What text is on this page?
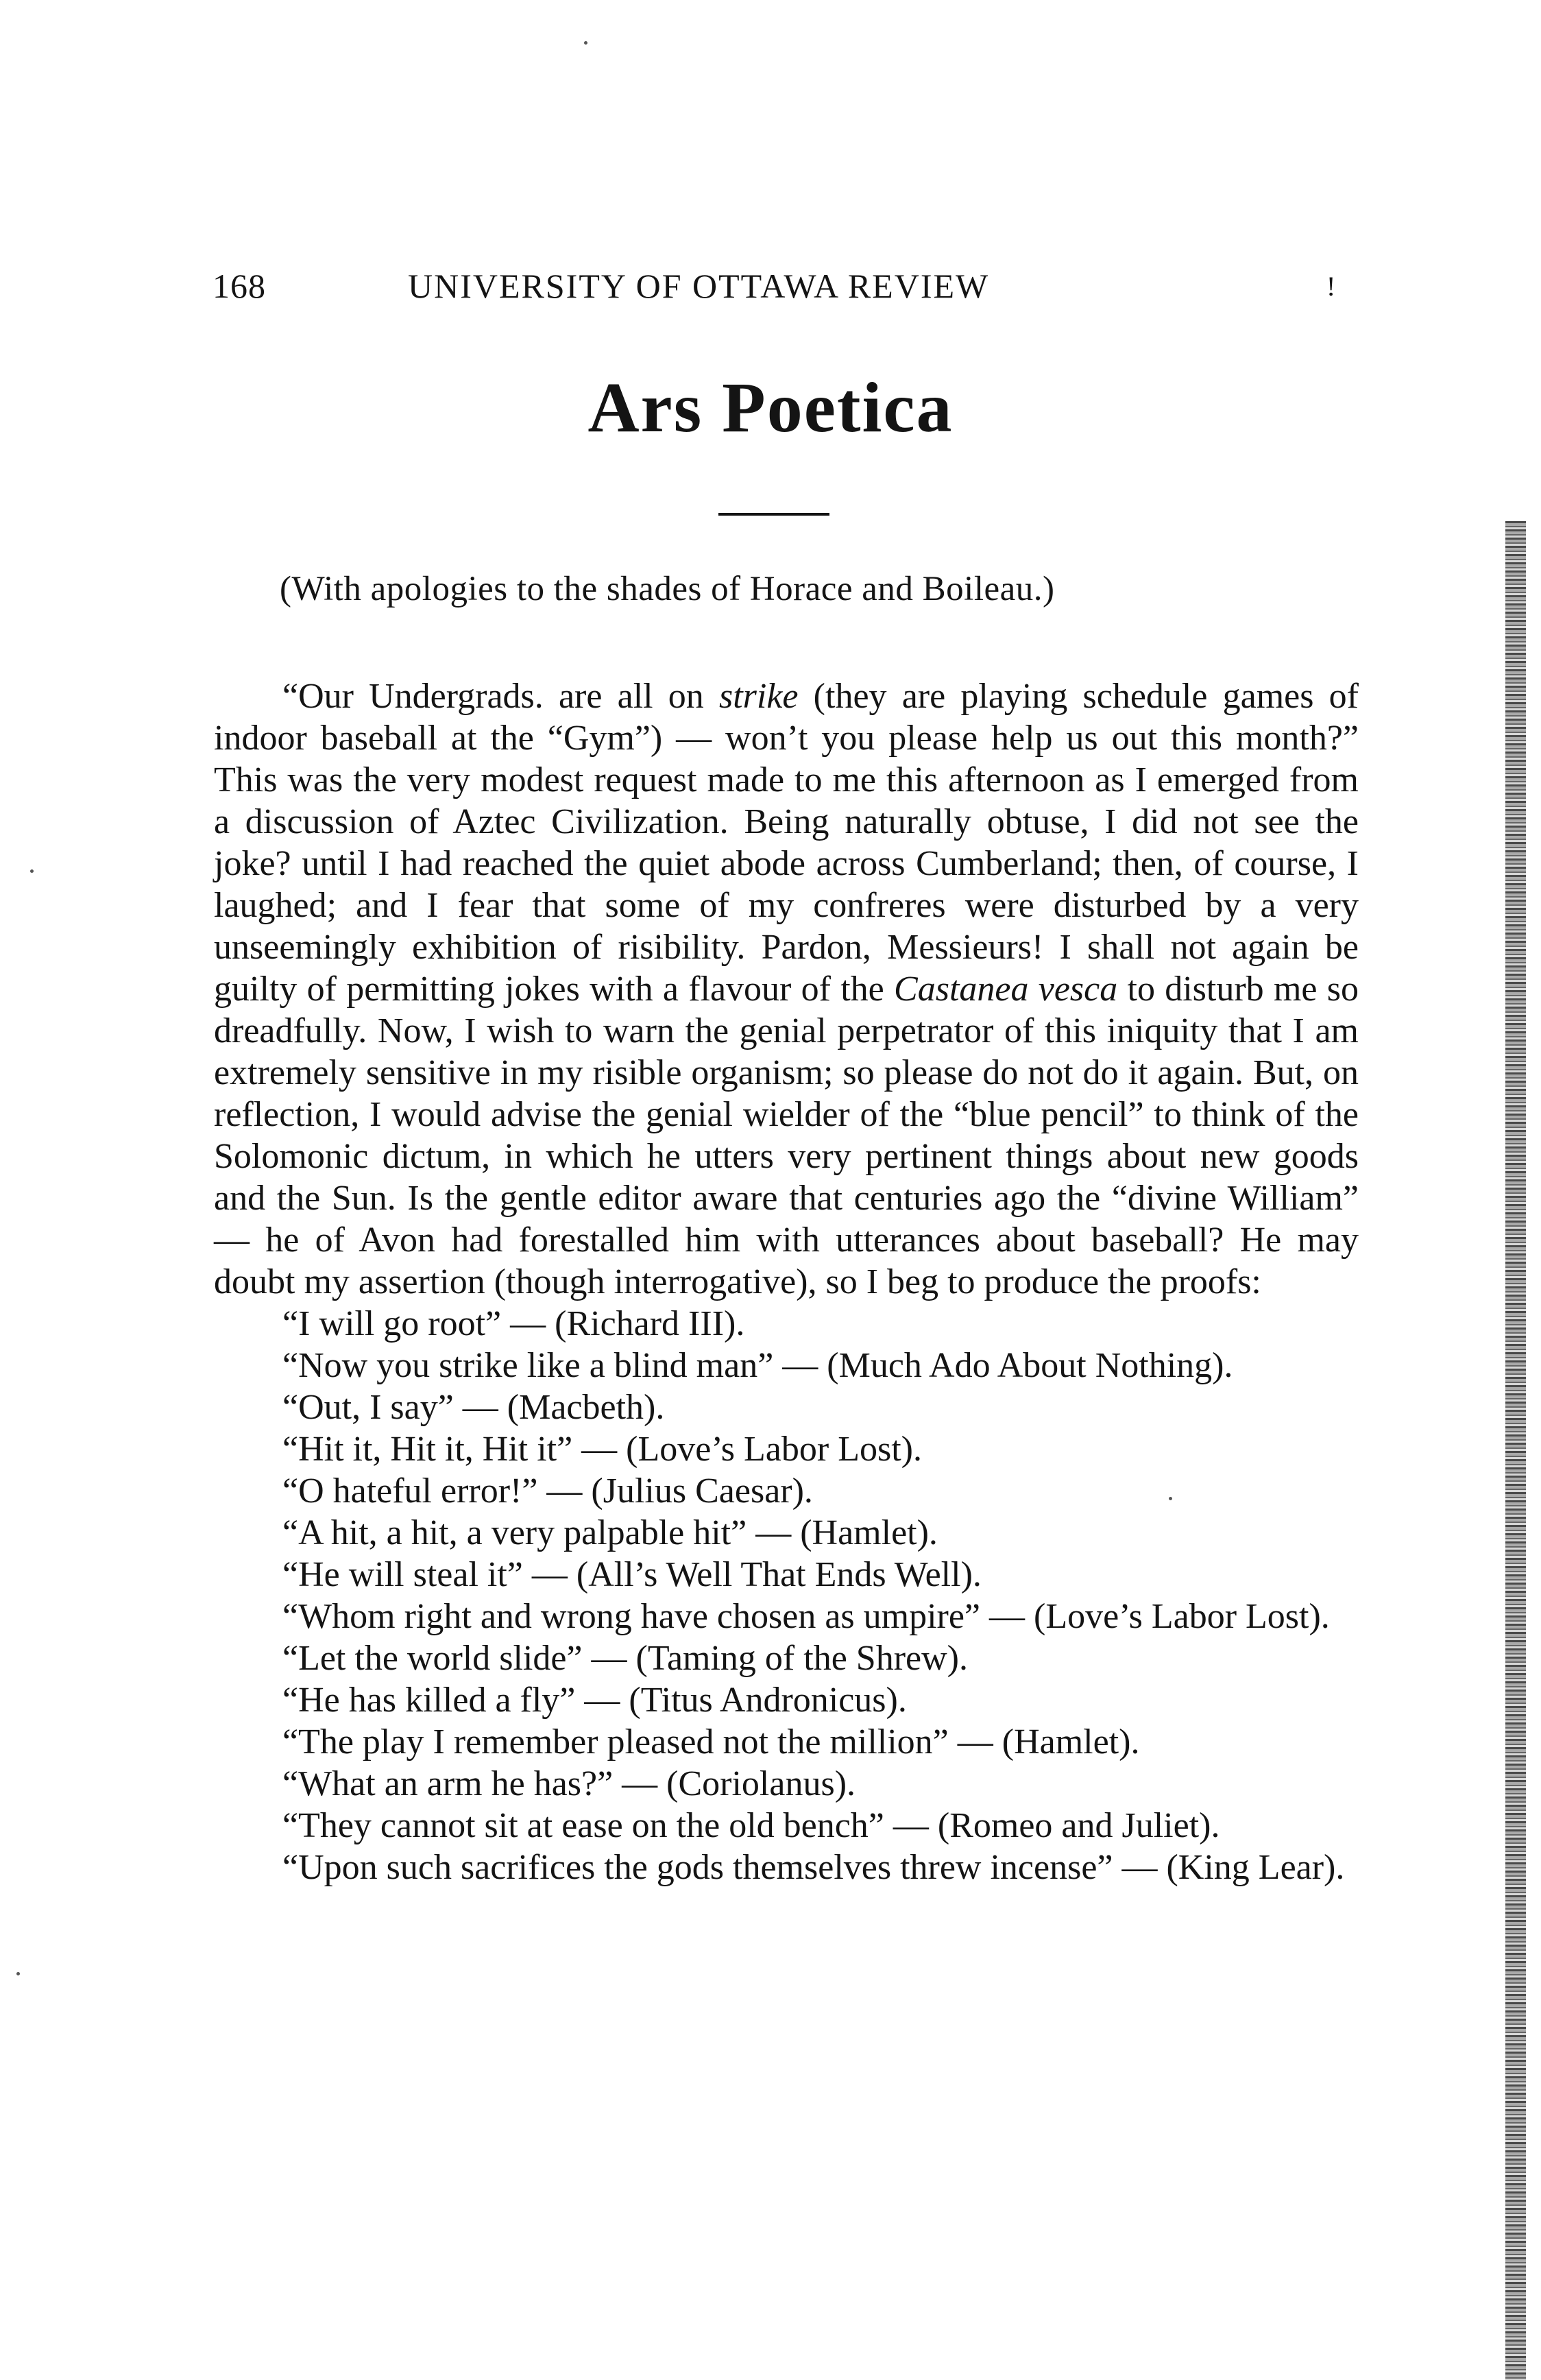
168	UNIVERSITY OF OTTAWA REVIEW	!
Ars Poetica
(With apologies to the shades of Horace and Boileau.)

“Our Undergrads. are all on strike (they are playing schedule games of indoor baseball at the “Gym”) — won’t you please help us out this month?” This was the very modest request made to me this afternoon as I emerged from a discussion of Aztec Civilization. Being naturally obtuse, I did not see the joke? until I had reached the quiet abode across Cumberland; then, of course, I laughed; and I fear that some of my confreres were disturbed by a very unseemingly exhibition of risibility. Pardon, Messieurs! I shall not again be guilty of permitting jokes with a flavour of the Castanea vesca to disturb me so dreadfully. Now, I wish to warn the genial perpetrator of this iniquity that I am extremely sensitive in my risible organism; so please do not do it again. But, on reflection, I would advise the genial wielder of the “blue pencil” to think of the Solomonic dictum, in which he utters very pertinent things about new goods and the Sun. Is the gentle editor aware that centuries ago the “divine William” — he of Avon had forestalled him with utterances about baseball? He may doubt my assertion (though interrogative), so I beg to produce the proofs:

“I will go root” — (Richard III).

“Now you strike like a blind man” — (Much Ado About Nothing).

“Out, I say” — (Macbeth).

“Hit it, Hit it, Hit it” — (Love’s Labor Lost).

“O hateful error!” — (Julius Caesar).

“A hit, a hit, a very palpable hit” — (Hamlet).

“He will steal it” — (All’s Well That Ends Well).

“Whom right and wrong have chosen as umpire” — (Love’s Labor Lost).

“Let the world slide” — (Taming of the Shrew).

“He has killed a fly” — (Titus Andronicus).

“The play I remember pleased not the million” — (Hamlet).

“What an arm he has?” — (Coriolanus).

“They cannot sit at ease on the old bench” — (Romeo and Juliet).

“Upon such sacrifices the gods themselves threw incense” — (King Lear).
